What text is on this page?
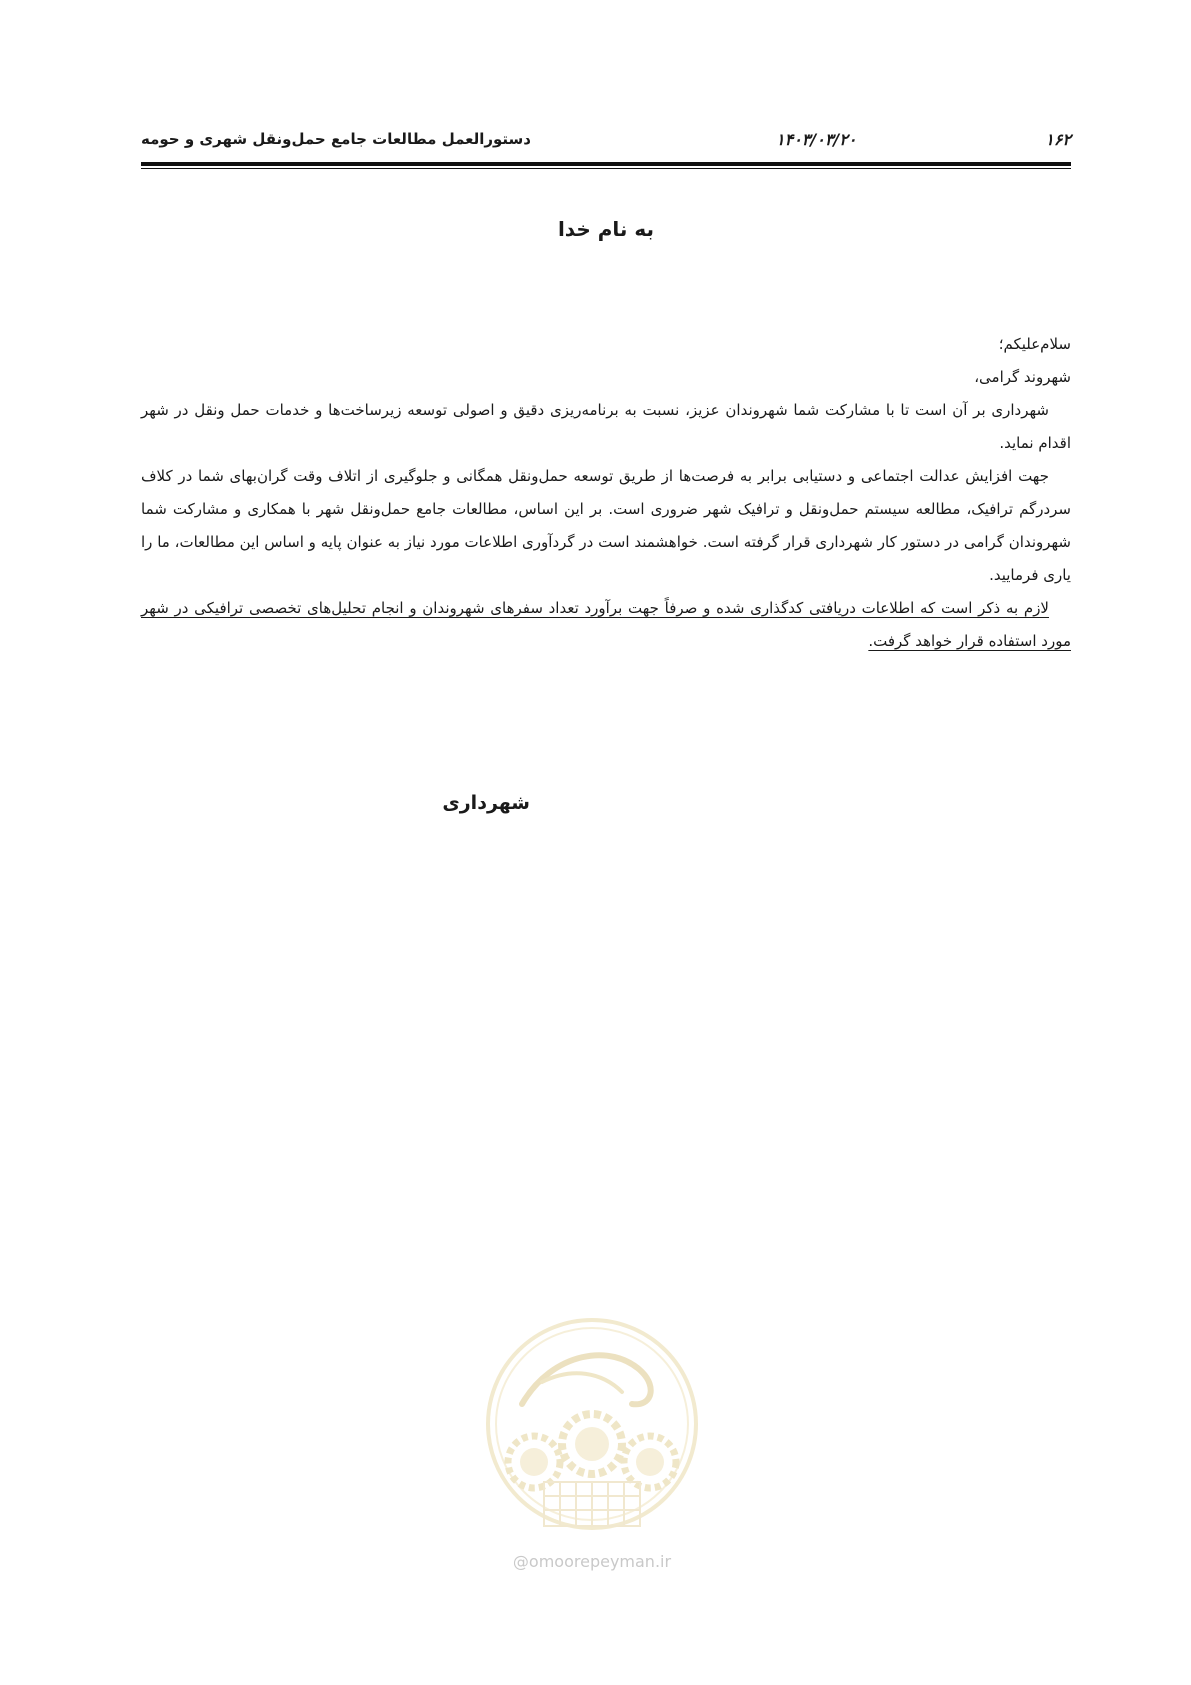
۱۶۲
۱۴۰۳/۰۳/۲۰
دستورالعمل مطالعات جامع حمل‌ونقل شهری و حومه
به نام خدا

سلام‌علیکم؛

شهروند گرامی،

شهرداری بر آن است تا با مشارکت شما شهروندان عزیز، نسبت به برنامه‌ریزی دقیق و اصولی توسعه زیرساخت‌ها و خدمات حمل ونقل در شهر اقدام نماید.

جهت افزایش عدالت اجتماعی و دستیابی برابر به فرصت‌ها از طریق توسعه حمل‌ونقل همگانی و جلوگیری از اتلاف وقت گران‌بهای شما در کلاف سردرگم ترافیک، مطالعه سیستم حمل‌ونقل و ترافیک شهر ضروری است. بر این اساس، مطالعات جامع حمل‌ونقل شهر با همکاری و مشارکت شما شهروندان گرامی در دستور کار شهرداری قرار گرفته است. خواهشمند است در گردآوری اطلاعات مورد نیاز به عنوان پایه و اساس این مطالعات، ما را یاری فرمایید.

لازم به ذکر است که اطلاعات دریافتی کدگذاری شده و صرفاً جهت برآورد تعداد سفرهای شهروندان و انجام تحلیل‌های تخصصی ترافیکی در شهر مورد استفاده قرار خواهد گرفت.

شهرداری
@omoorepeyman.ir
